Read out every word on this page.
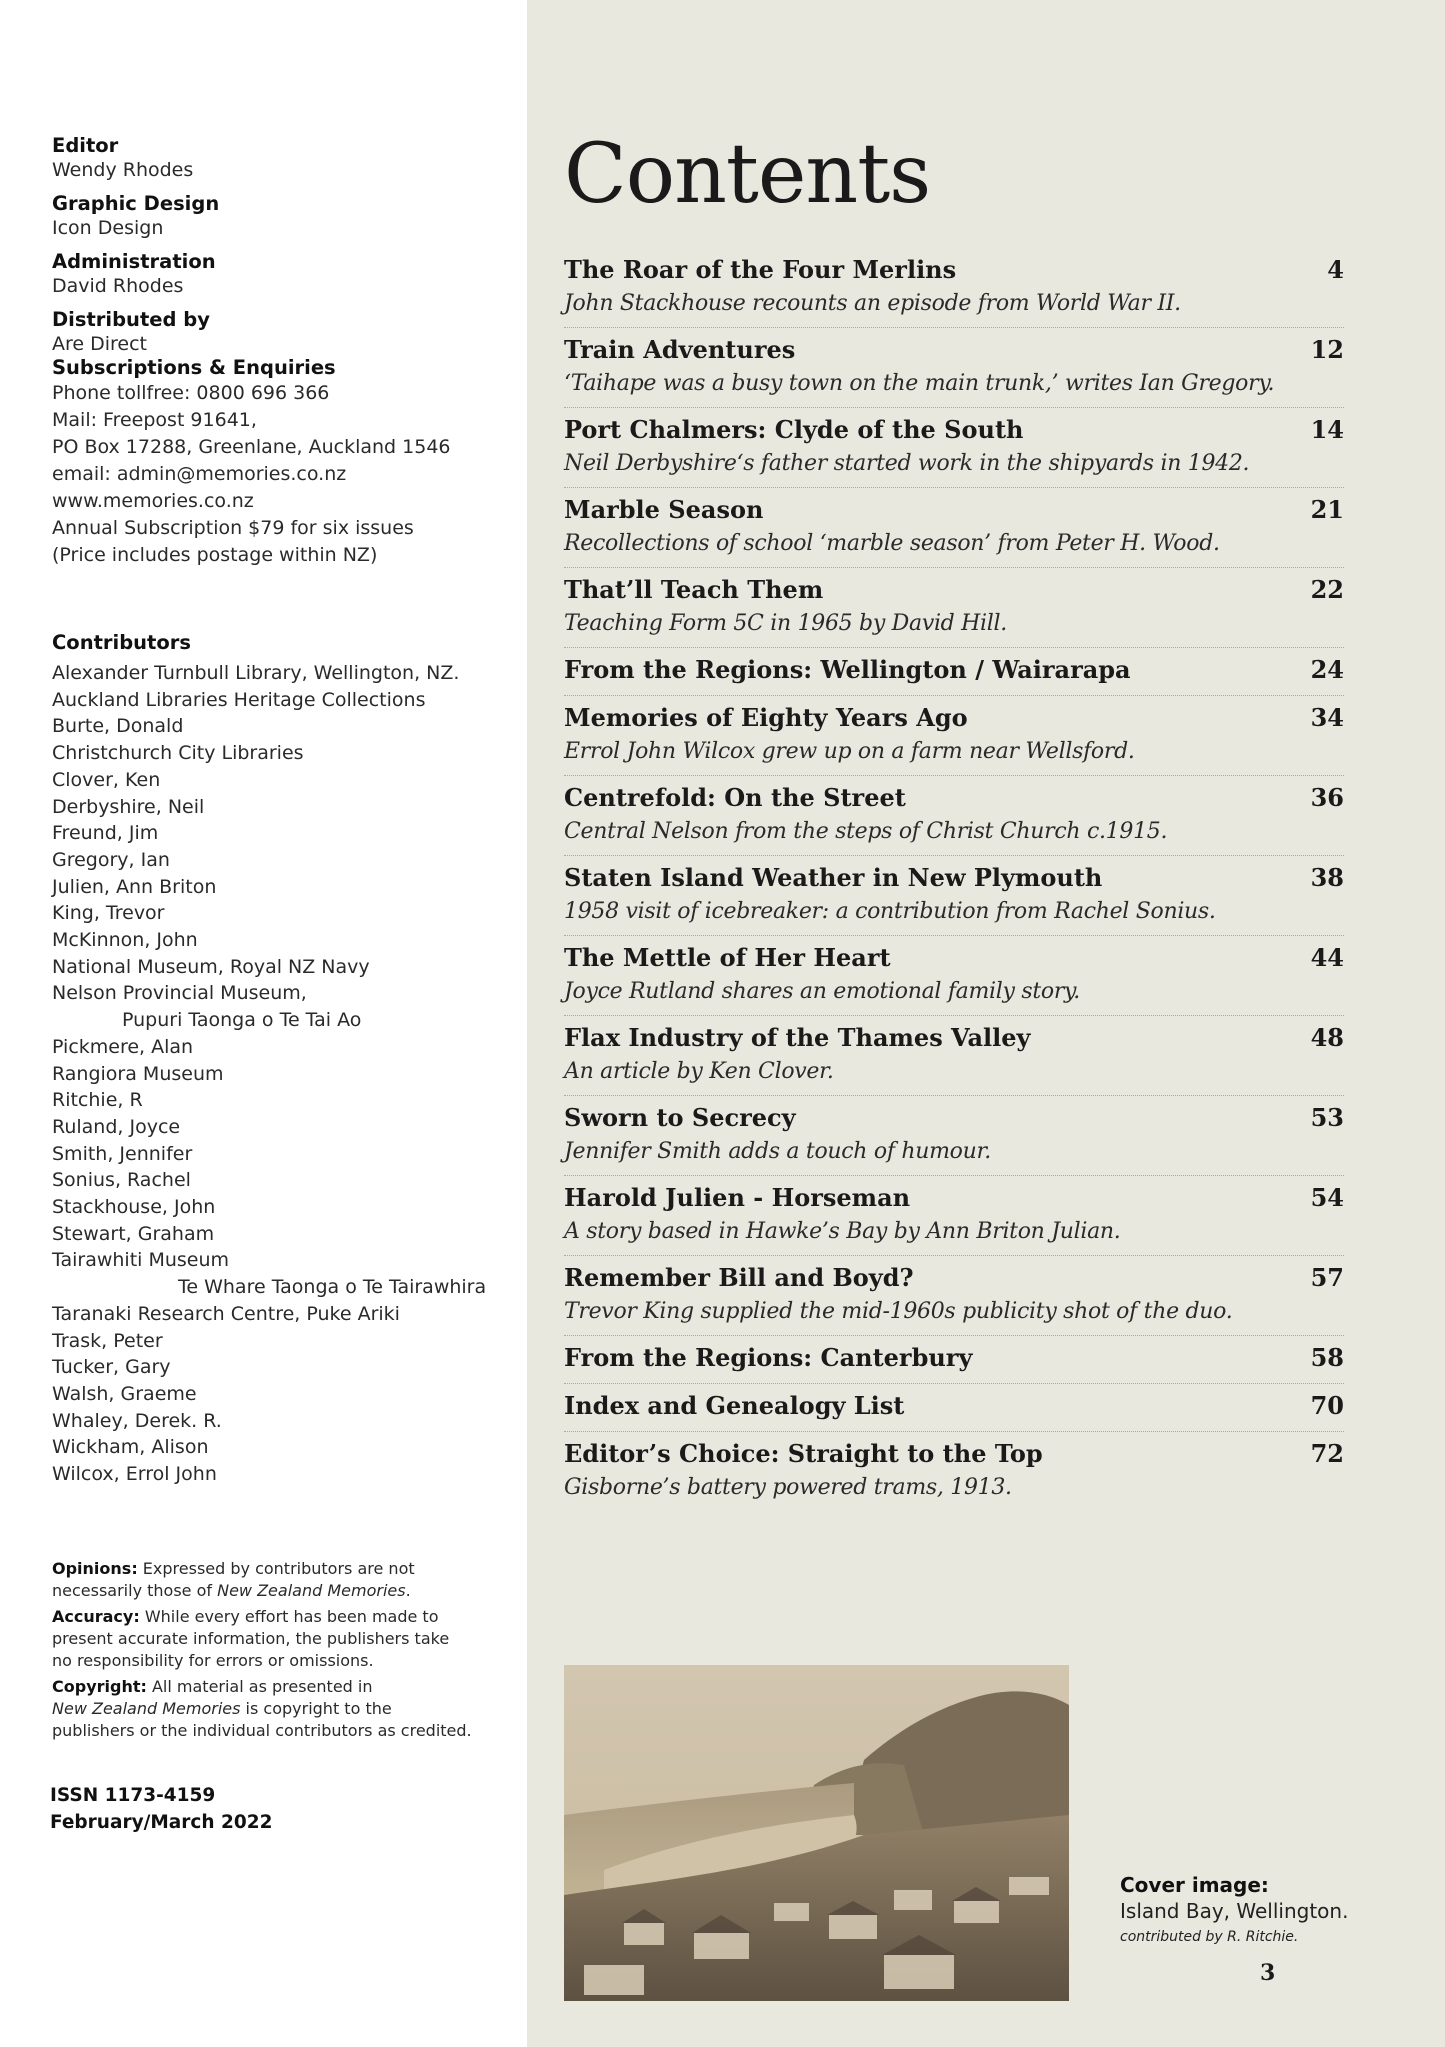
Editor
Wendy Rhodes
Graphic Design
Icon Design
Administration
David Rhodes
Distributed by
Are Direct
Subscriptions & Enquiries
Phone tollfree: 0800 696 366
Mail: Freepost 91641,
PO Box 17288, Greenlane, Auckland 1546
email: admin@memories.co.nz
www.memories.co.nz
Annual Subscription $79 for six issues
(Price includes postage within NZ)
Contributors
Alexander Turnbull Library, Wellington, NZ.
Auckland Libraries Heritage Collections
Burte, Donald
Christchurch City Libraries
Clover, Ken
Derbyshire, Neil
Freund, Jim
Gregory, Ian
Julien, Ann Briton
King, Trevor
McKinnon, John
National Museum, Royal NZ Navy
Nelson Provincial Museum,
Pupuri Taonga o Te Tai Ao
Pickmere, Alan
Rangiora Museum
Ritchie, R
Ruland, Joyce
Smith, Jennifer
Sonius, Rachel
Stackhouse, John
Stewart, Graham
Tairawhiti Museum
Te Whare Taonga o Te Tairawhira
Taranaki Research Centre, Puke Ariki
Trask, Peter
Tucker, Gary
Walsh, Graeme
Whaley, Derek. R.
Wickham, Alison
Wilcox, Errol John

Opinions: Expressed by contributors are not necessarily those of New Zealand Memories.

Accuracy: While every effort has been made to present accurate information, the publishers take no responsibility for errors or omissions.

Copyright: All material as presented in
New Zealand Memories is copyright to the publishers or the individual contributors as credited.

ISSN 1173-4159
February/March 2022
Contents
The Roar of the Four Merlins	4
John Stackhouse recounts an episode from World War II.
Train Adventures	12
‘Taihape was a busy town on the main trunk,’ writes Ian Gregory.
Port Chalmers: Clyde of the South	14
Neil Derbyshire‘s father started work in the shipyards in 1942.
Marble Season	21
Recollections of school ‘marble season’ from Peter H. Wood.
That’ll Teach Them	22
Teaching Form 5C in 1965 by David Hill.
From the Regions: Wellington / Wairarapa	24
Memories of Eighty Years Ago	34
Errol John Wilcox grew up on a farm near Wellsford.
Centrefold: On the Street	36
Central Nelson from the steps of Christ Church c.1915.
Staten Island Weather in New Plymouth	38
1958 visit of icebreaker: a contribution from Rachel Sonius.
The Mettle of Her Heart	44
Joyce Rutland shares an emotional family story.
Flax Industry of the Thames Valley	48
An article by Ken Clover.
Sworn to Secrecy	53
Jennifer Smith adds a touch of humour.
Harold Julien - Horseman	54
A story based in Hawke’s Bay by Ann Briton Julian.
Remember Bill and Boyd?	57
Trevor King supplied the mid-1960s publicity shot of the duo.
From the Regions: Canterbury	58
Index and Genealogy List	70
Editor’s Choice: Straight to the Top	72
Gisborne’s battery powered trams, 1913.
Cover image:
Island Bay, Wellington.
contributed by R. Ritchie.
3
